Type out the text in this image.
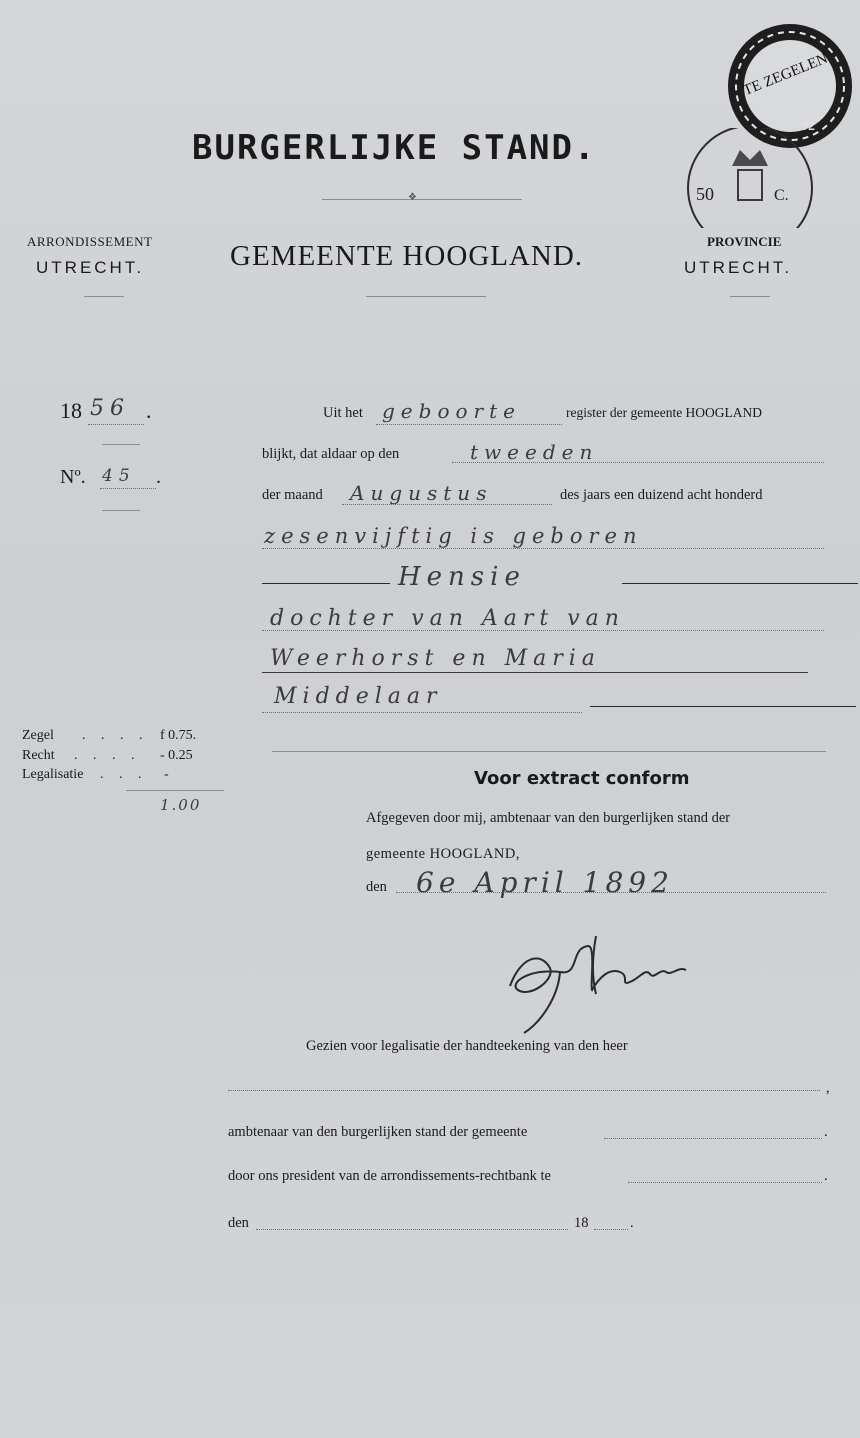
BURGERLIJKE STAND.
❖
ARRONDISSEMENT
UTRECHT.	GEMEENTE HOOGLAND.	PROVINCIE
UTRECHT.
TE ZEGELEN
92
50	C.
18 56 .
Nº. 45 .
Uit het geboorte	register der gemeente HOOGLAND
blijkt, dat aldaar op den	tweeden
der maand Augustus	des jaars een duizend acht honderd
zesenvijftig is geboren
Hensie
dochter van Aart van
Weerhorst en Maria
Middelaar
Zegel . . . . f 0.75.
Recht . . . . - 0.25
Legalisatie . . . -
1.00
Voor extract conform
Afgegeven door mij, ambtenaar van den burgerlijken stand der
gemeente HOOGLAND,
den 6e April 1892
Gezien voor legalisatie der handteekening van den heer
,
ambtenaar van den burgerlijken stand der gemeente	.
door ons president van de arrondissements-rechtbank te	.
den	18	.
